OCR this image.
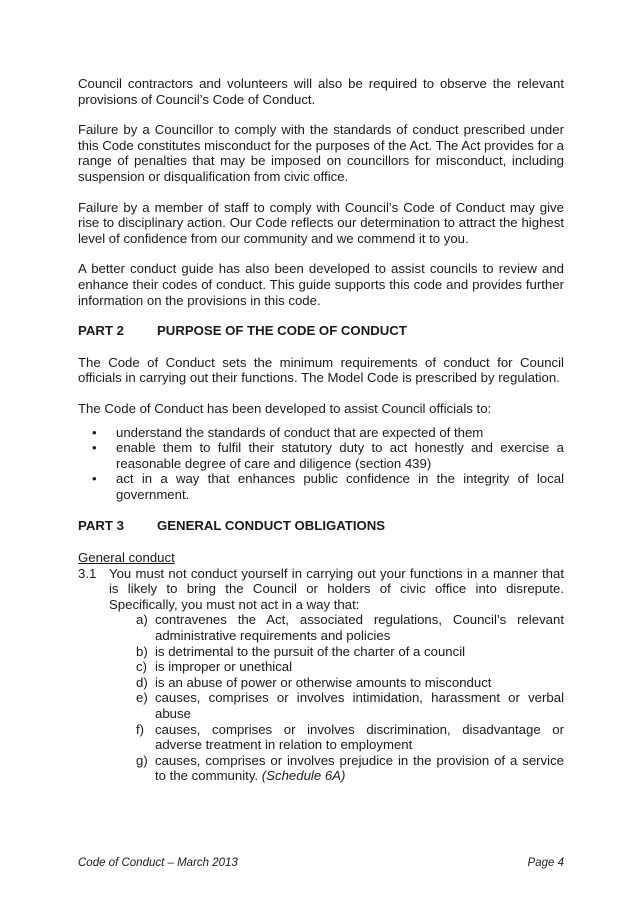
Council contractors and volunteers will also be required to observe the relevant provisions of Council’s Code of Conduct.

Failure by a Councillor to comply with the standards of conduct prescribed under this Code constitutes misconduct for the purposes of the Act. The Act provides for a range of penalties that may be imposed on councillors for misconduct, including suspension or disqualification from civic office.

Failure by a member of staff to comply with Council’s Code of Conduct may give rise to disciplinary action. Our Code reflects our determination to attract the highest level of confidence from our community and we commend it to you.

A better conduct guide has also been developed to assist councils to review and enhance their codes of conduct. This guide supports this code and provides further information on the provisions in this code.

PART 2	PURPOSE OF THE CODE OF CONDUCT

The Code of Conduct sets the minimum requirements of conduct for Council officials in carrying out their functions. The Model Code is prescribed by regulation.

The Code of Conduct has been developed to assist Council officials to:

• understand the standards of conduct that are expected of them
• enable them to fulfil their statutory duty to act honestly and exercise a reasonable degree of care and diligence (section 439)
• act in a way that enhances public confidence in the integrity of local government.
PART 3	GENERAL CONDUCT OBLIGATIONS

General conduct

3.1 You must not conduct yourself in carrying out your functions in a manner that is likely to bring the Council or holders of civic office into disrepute. Specifically, you must not act in a way that:
a) contravenes the Act, associated regulations, Council’s relevant administrative requirements and policies
b) is detrimental to the pursuit of the charter of a council
c) is improper or unethical
d) is an abuse of power or otherwise amounts to misconduct
e) causes, comprises or involves intimidation, harassment or verbal abuse
f) causes, comprises or involves discrimination, disadvantage or adverse treatment in relation to employment
g) causes, comprises or involves prejudice in the provision of a service to the community. (Schedule 6A)
Code of Conduct – March 2013	Page 4
